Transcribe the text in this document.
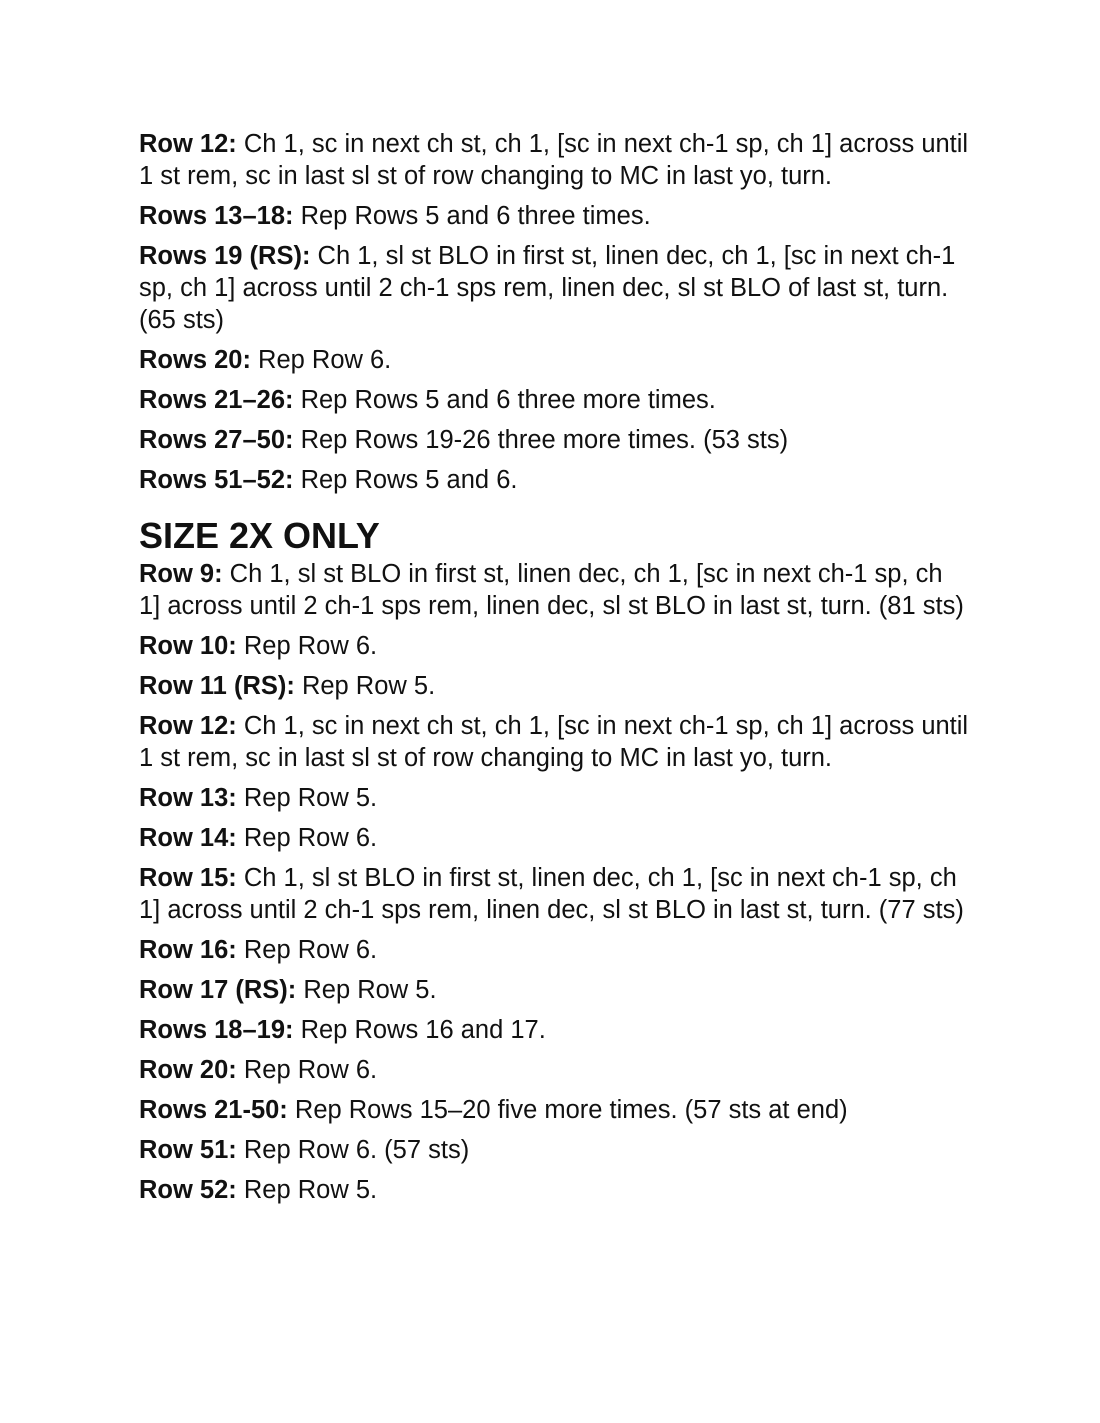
Row 12: Ch 1, sc in next ch st, ch 1, [sc in next ch-1 sp, ch 1] across until 1 st rem, sc in last sl st of row changing to MC in last yo, turn.

Rows 13–18: Rep Rows 5 and 6 three times.

Rows 19 (RS): Ch 1, sl st BLO in first st, linen dec, ch 1, [sc in next ch-1 sp, ch 1] across until 2 ch-1 sps rem, linen dec, sl st BLO of last st, turn. (65 sts)

Rows 20: Rep Row 6.

Rows 21–26: Rep Rows 5 and 6 three more times.

Rows 27–50: Rep Rows 19-26 three more times. (53 sts)

Rows 51–52: Rep Rows 5 and 6.

SIZE 2X ONLY

Row 9: Ch 1, sl st BLO in first st, linen dec, ch 1, [sc in next ch-1 sp, ch 1] across until 2 ch-1 sps rem, linen dec, sl st BLO in last st, turn. (81 sts)

Row 10: Rep Row 6.

Row 11 (RS): Rep Row 5.

Row 12: Ch 1, sc in next ch st, ch 1, [sc in next ch-1 sp, ch 1] across until 1 st rem, sc in last sl st of row changing to MC in last yo, turn.

Row 13: Rep Row 5.

Row 14: Rep Row 6.

Row 15: Ch 1, sl st BLO in first st, linen dec, ch 1, [sc in next ch-1 sp, ch 1] across until 2 ch-1 sps rem, linen dec, sl st BLO in last st, turn. (77 sts)

Row 16: Rep Row 6.

Row 17 (RS): Rep Row 5.

Rows 18–19: Rep Rows 16 and 17.

Row 20: Rep Row 6.

Rows 21-50: Rep Rows 15–20 five more times. (57 sts at end)

Row 51: Rep Row 6. (57 sts)

Row 52: Rep Row 5.
